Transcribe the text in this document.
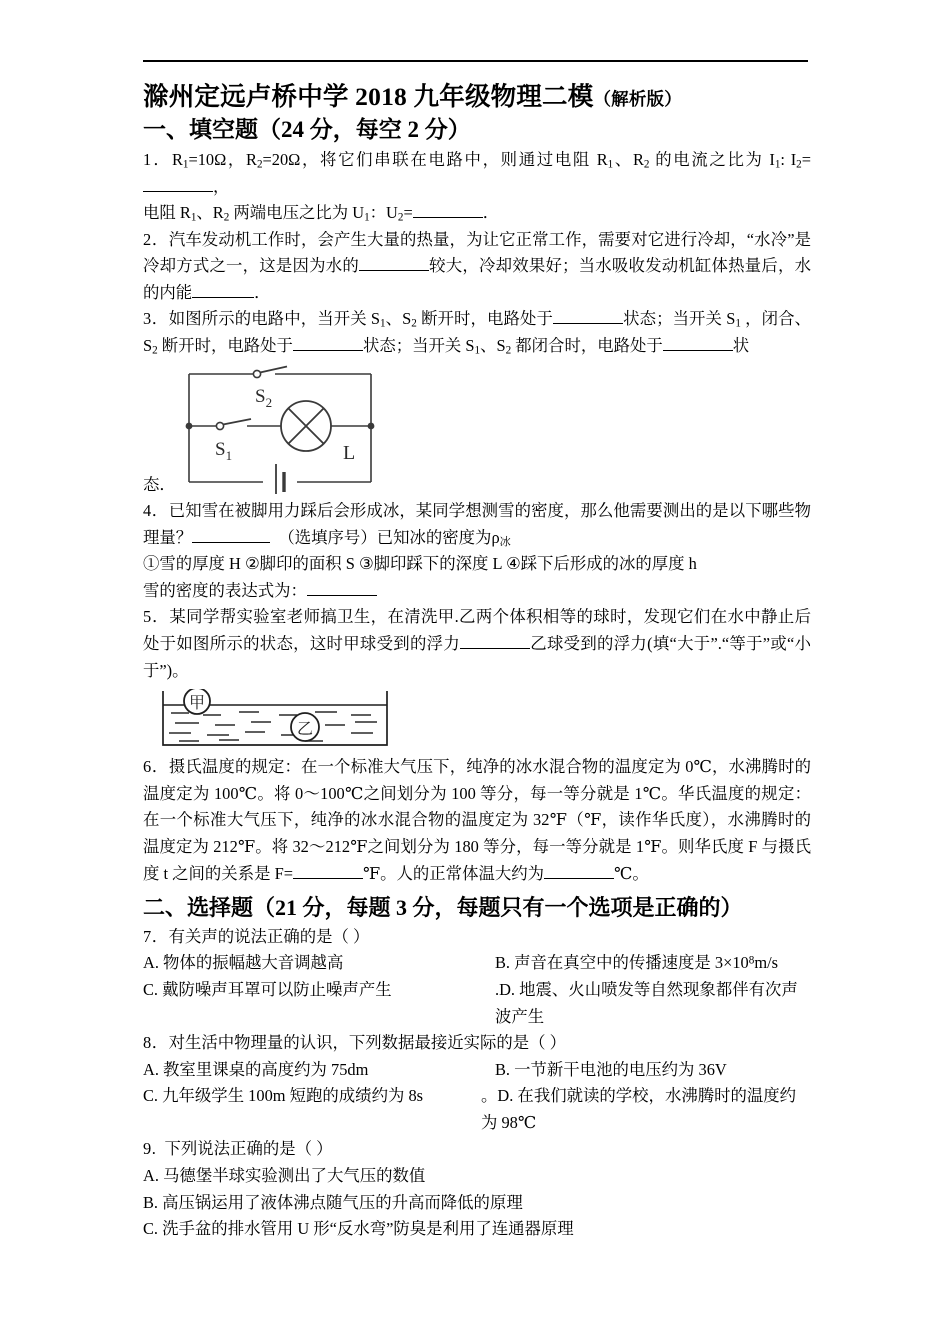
滁州定远卢桥中学 2018 九年级物理二模（解析版）
一、填空题（24 分，每空 2 分）
1．$R_1=10\Omega$，$R_2=20\Omega$，将它们串联在电路中，则通过电阻 $R_1$、$R_2$ 的电流之比为 $I_1$: $I_2=$，
电阻 $R_1$、$R_2$ 两端电压之比为 $U_1$：$U_2=$	．
2．汽车发动机工作时，会产生大量的热量，为让它正常工作，需要对它进行冷却，“水冷”是冷却方式之一，这是因为水的	较大，冷却效果好；当水吸收发动机缸体热量后，水的内能	．
3．如图所示的电路中，当开关 $S_1$、$S_2$ 断开时，电路处于	状态；当开关 $S_1$ ，闭合、$S_2$ 断开时，电路处于	状态；当开关 $S_1$、$S_2$ 都闭合时，电路处于	状
$S_2$
$S_1$	L
态．
4．已知雪在被脚用力踩后会形成冰，某同学想测雪的密度，那么他需要测出的是以下哪些物理量？	（选填序号）已知冰的密度为$\rho_冰$
①雪的厚度 H ②脚印的面积 S ③脚印踩下的深度 L ④踩下后形成的冰的厚度 h
雪的密度的表达式为：
5．某同学帮实验室老师搞卫生，在清洗甲.乙两个体积相等的球时，发现它们在水中静止后处于如图所示的状态，这时甲球受到的浮力	乙球受到的浮力(填“大于”.“等于”或“小于”)。
甲
乙
6．摄氏温度的规定：在一个标准大气压下，纯净的冰水混合物的温度定为 0℃，水沸腾时的温度定为 100℃。将 0～100℃之间划分为 100 等分，每一等分就是 1℃。华氏温度的规定：在一个标准大气压下，纯净的冰水混合物的温度定为 32℉（℉，读作华氏度），水沸腾时的温度定为 212℉。将 32～212℉之间划分为 180 等分，每一等分就是 1℉。则华氏度 F 与摄氏度 t 之间的关系是 F=	℉。人的正常体温大约为	℃。
二、选择题（21 分，每题 3 分，每题只有一个选项是正确的）
7．有关声的说法正确的是（ ）
A. 物体的振幅越大音调越高	B. 声音在真空中的传播速度是 $3\times 10^8m/s$
C. 戴防噪声耳罩可以防止噪声产生	.D. 地震、火山喷发等自然现象都伴有次声波产生
8．对生活中物理量的认识，下列数据最接近实际的是（ ）
A. 教室里课桌的高度约为 75dm	B. 一节新干电池的电压约为 36V
C. 九年级学生 100m 短跑的成绩约为 8s	。D. 在我们就读的学校，水沸腾时的温度约为 98℃
9. 下列说法正确的是（ ）
A. 马德堡半球实验测出了大气压的数值
B. 高压锅运用了液体沸点随气压的升高而降低的原理
C. 洗手盆的排水管用 U 形“反水弯”防臭是利用了连通器原理
